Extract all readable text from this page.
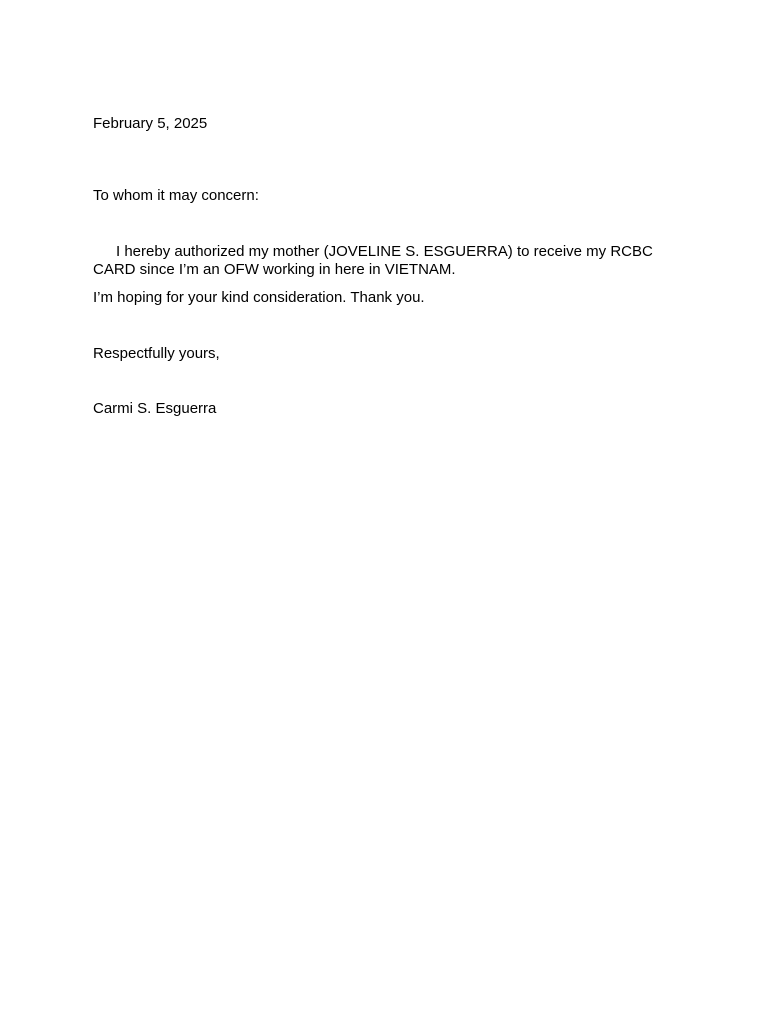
February 5, 2025
To whom it may concern:
I hereby authorized my mother (JOVELINE S. ESGUERRA) to receive my RCBC CARD since I’m an OFW working in here in VIETNAM.
I’m hoping for your kind consideration. Thank you.
Respectfully yours,
Carmi S. Esguerra
